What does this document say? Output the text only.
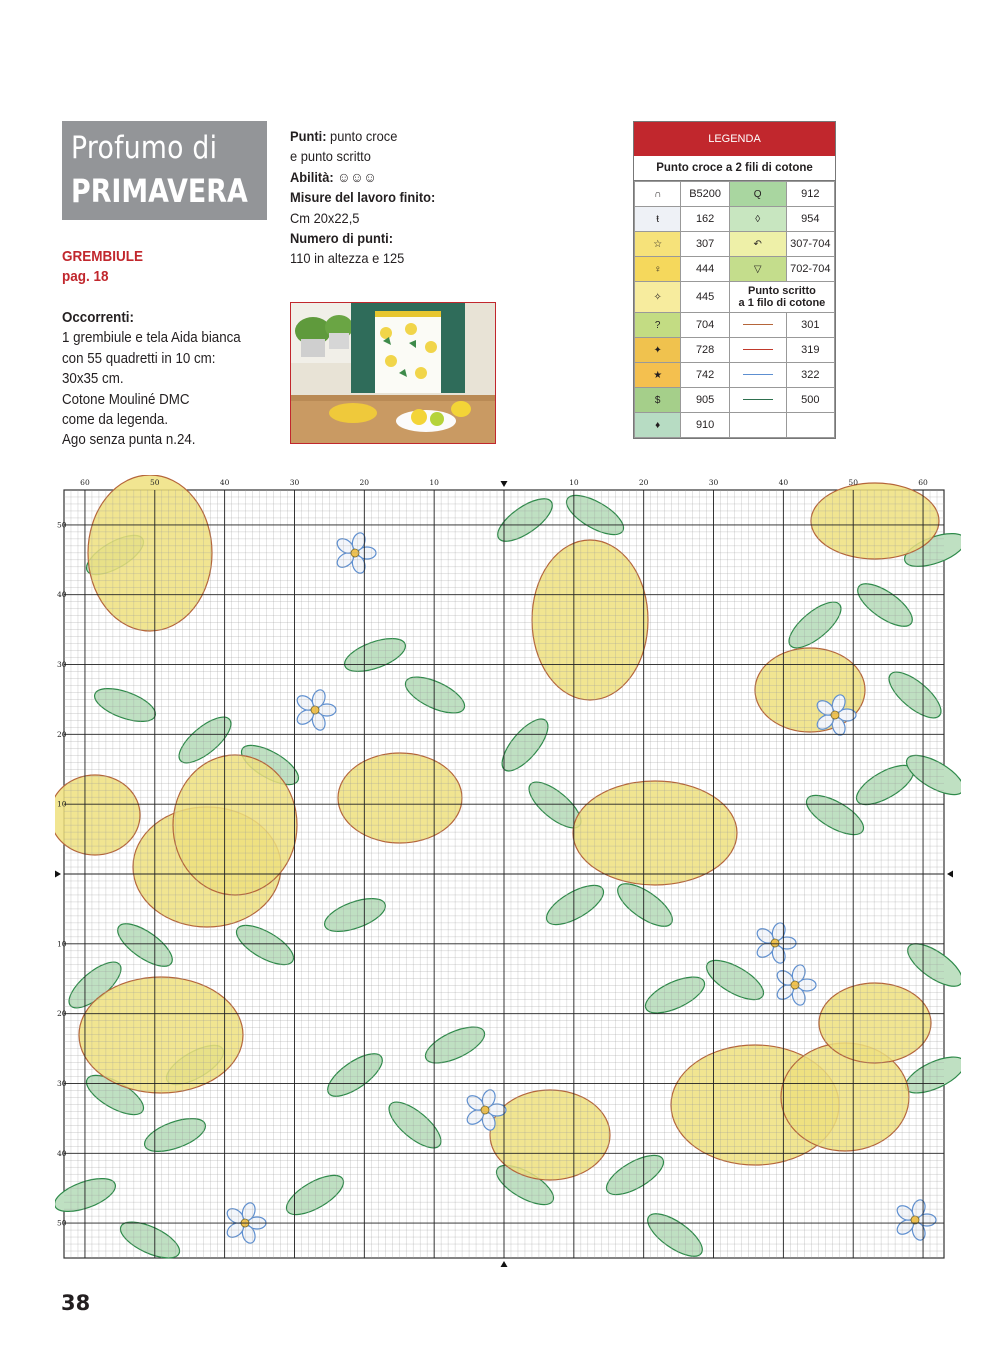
Profumo di
PRIMAVERA
Punti: punto croce
e punto scritto
Abilità: ☺☺☺
Misure del lavoro finito:
Cm 20x22,5
Numero di punti:
110 in altezza e 125
GREMBIULE
pag. 18
Occorrenti:
1 grembiule e tela Aida bianca
con 55 quadretti in 10 cm:
30x35 cm.
Cotone Mouliné DMC
come da legenda.
Ago senza punta n.24.
LEGENDA
Punto croce a 2 fili di cotone
∩	B5200	Q	912
ŧ	162	◊	954
☆	307	↶	307-704
♀	444	▽	702-704
✧	445	Punto scritto
a 1 filo di cotone	

?	704		301
✦	728		319
★	742		322
$	905		500
♦	910		
60	50	40	30	20	10	10	20	30	40	50	60
50
40
30
20
10
10
20
30
40
50
38
